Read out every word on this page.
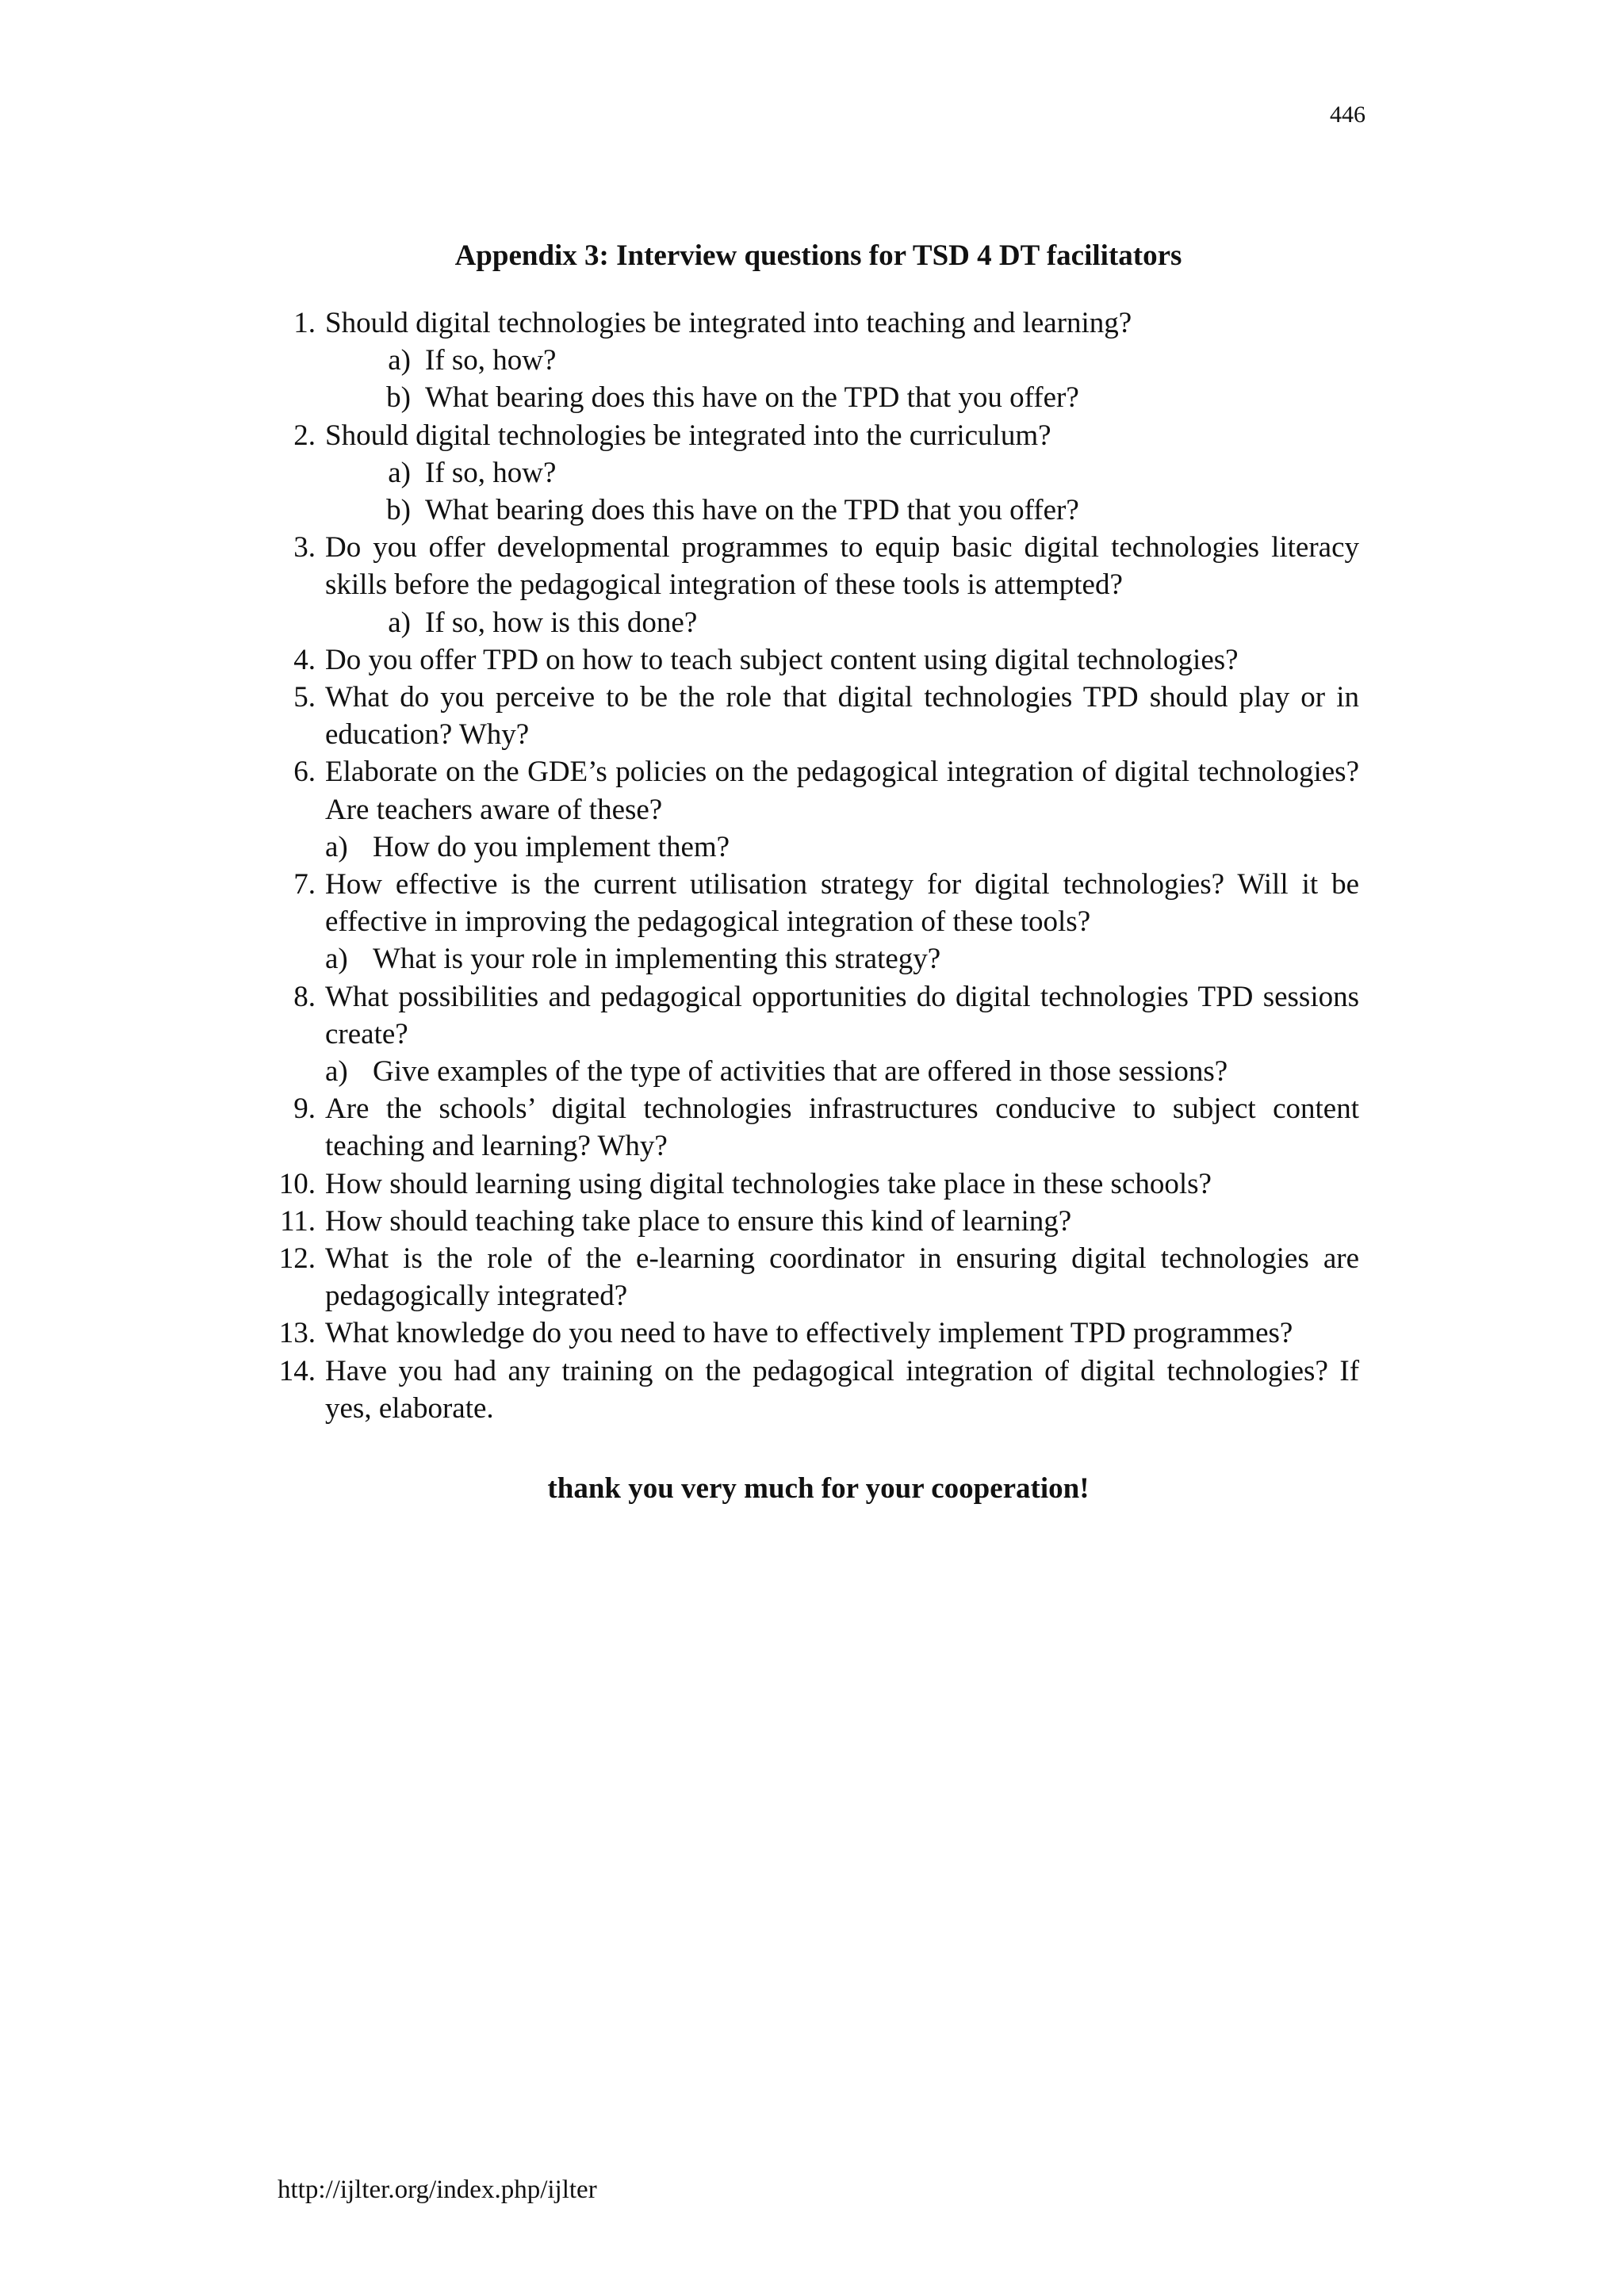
446
Appendix 3: Interview questions for TSD 4 DT facilitators
1. Should digital technologies be integrated into teaching and learning?
a) If so, how?
b) What bearing does this have on the TPD that you offer?
2. Should digital technologies be integrated into the curriculum?
a) If so, how?
b) What bearing does this have on the TPD that you offer?
3. Do you offer developmental programmes to equip basic digital technologies literacy skills before the pedagogical integration of these tools is attempted?
a) If so, how is this done?
4. Do you offer TPD on how to teach subject content using digital technologies?
5. What do you perceive to be the role that digital technologies TPD should play or in education? Why?
6. Elaborate on the GDE’s policies on the pedagogical integration of digital technologies? Are teachers aware of these?
a) How do you implement them?
7. How effective is the current utilisation strategy for digital technologies? Will it be effective in improving the pedagogical integration of these tools?
a) What is your role in implementing this strategy?
8. What possibilities and pedagogical opportunities do digital technologies TPD sessions create?
a) Give examples of the type of activities that are offered in those sessions?
9. Are the schools’ digital technologies infrastructures conducive to subject content teaching and learning? Why?
10. How should learning using digital technologies take place in these schools?
11. How should teaching take place to ensure this kind of learning?
12. What is the role of the e-learning coordinator in ensuring digital technologies are pedagogically integrated?
13. What knowledge do you need to have to effectively implement TPD programmes?
14. Have you had any training on the pedagogical integration of digital technologies? If yes, elaborate.
thank you very much for your cooperation!
http://ijlter.org/index.php/ijlter
